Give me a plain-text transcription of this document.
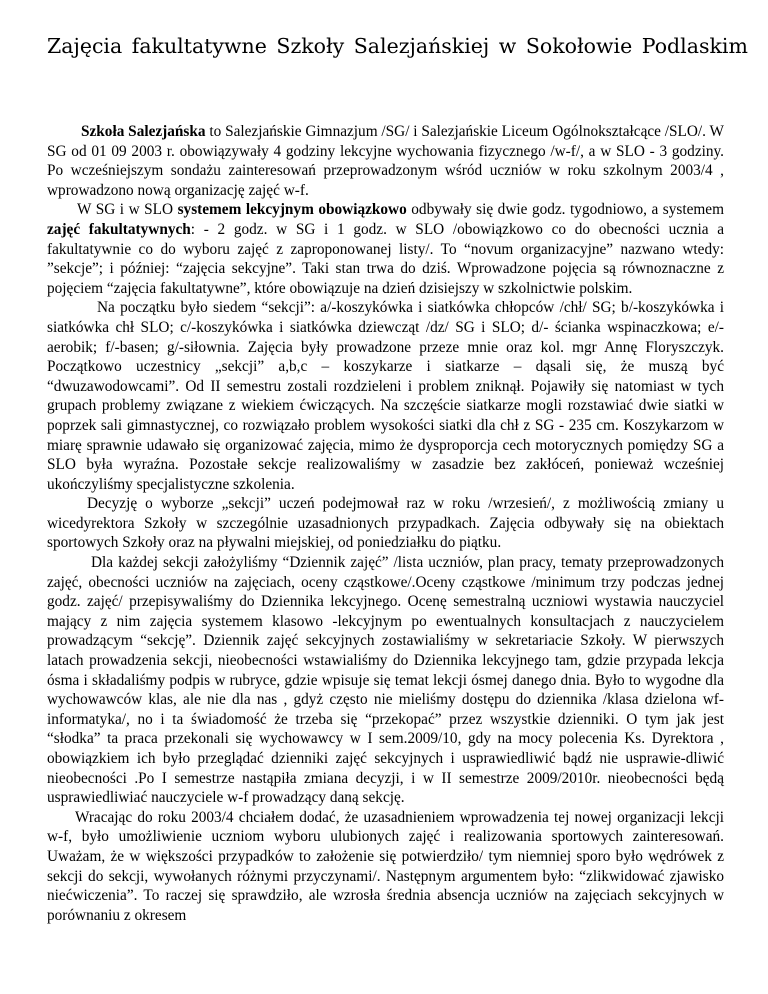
Zajęcia fakultatywne Szkoły Salezjańskiej w Sokołowie Podlaskim

Szkoła Salezjańska to Salezjańskie Gimnazjum /SG/ i Salezjańskie Liceum Ogólnokształcące /SLO/. W SG od 01 09 2003 r. obowiązywały 4 godziny lekcyjne wychowania fizycznego /w-f/, a w SLO - 3 godziny. Po wcześniejszym sondażu zainteresowań przeprowadzonym wśród uczniów w roku szkolnym 2003/4 , wprowadzono nową organizację zajęć w-f.

W SG i w SLO systemem lekcyjnym obowiązkowo odbywały się dwie godz. tygodniowo, a systemem zajęć fakultatywnych: - 2 godz. w SG i 1 godz. w SLO /obowiązkowo co do obecności ucznia a fakultatywnie co do wyboru zajęć z zaproponowanej listy/. To “novum organizacyjne” nazwano wtedy: ”sekcje”; i później: “zajęcia sekcyjne”. Taki stan trwa do dziś. Wprowadzone pojęcia są równoznaczne z pojęciem “zajęcia fakultatywne”, które obowiązuje na dzień dzisiejszy w szkolnictwie polskim.

Na początku było siedem “sekcji”: a/-koszykówka i siatkówka chłopców /chł/ SG; b/-koszykówka i siatkówka chł SLO; c/-koszykówka i siatkówka dziewcząt /dz/ SG i SLO; d/- ścianka wspinaczkowa; e/-aerobik; f/-basen; g/-siłownia. Zajęcia były prowadzone przeze mnie oraz kol. mgr Annę Floryszczyk. Początkowo uczestnicy „sekcji” a,b,c – koszykarze i siatkarze – dąsali się, że muszą być “dwuzawodowcami”. Od II semestru zostali rozdzieleni i problem zniknął. Pojawiły się natomiast w tych grupach problemy związane z wiekiem ćwiczących. Na szczęście siatkarze mogli rozstawiać dwie siatki w poprzek sali gimnastycznej, co rozwiązało problem wysokości siatki dla chł z SG - 235 cm. Koszykarzom w miarę sprawnie udawało się organizować zajęcia, mimo że dysproporcja cech motorycznych pomiędzy SG a SLO była wyraźna. Pozostałe sekcje realizowaliśmy w zasadzie bez zakłóceń, ponieważ wcześniej ukończyliśmy specjalistyczne szkolenia.

Decyzję o wyborze „sekcji” uczeń podejmował raz w roku /wrzesień/, z możliwością zmiany u wicedyrektora Szkoły w szczególnie uzasadnionych przypadkach. Zajęcia odbywały się na obiektach sportowych Szkoły oraz na pływalni miejskiej, od poniedziałku do piątku.

Dla każdej sekcji założyliśmy “Dziennik zajęć” /lista uczniów, plan pracy, tematy przeprowadzonych zajęć, obecności uczniów na zajęciach, oceny cząstkowe/.Oceny cząstkowe /minimum trzy podczas jednej godz. zajęć/ przepisywaliśmy do Dziennika lekcyjnego. Ocenę semestralną uczniowi wystawia nauczyciel mający z nim zajęcia systemem klasowo -lekcyjnym po ewentualnych konsultacjach z nauczycielem prowadzącym “sekcję”. Dziennik zajęć sekcyjnych zostawialiśmy w sekretariacie Szkoły. W pierwszych latach prowadzenia sekcji, nieobecności wstawialiśmy do Dziennika lekcyjnego tam, gdzie przypada lekcja ósma i składaliśmy podpis w rubryce, gdzie wpisuje się temat lekcji ósmej danego dnia. Było to wygodne dla wychowawców klas, ale nie dla nas , gdyż często nie mieliśmy dostępu do dziennika /klasa dzielona wf-informatyka/, no i ta świadomość że trzeba się “przekopać” przez wszystkie dzienniki. O tym jak jest “słodka” ta praca przekonali się wychowawcy w I sem.2009/10, gdy na mocy polecenia Ks. Dyrektora , obowiązkiem ich było przeglądać dzienniki zajęć sekcyjnych i usprawiedliwić bądź nie usprawie-dliwić nieobecności .Po I semestrze nastąpiła zmiana decyzji, i w II semestrze 2009/2010r. nieobecności będą usprawiedliwiać nauczyciele w-f prowadzący daną sekcję.

Wracając do roku 2003/4 chciałem dodać, że uzasadnieniem wprowadzenia tej nowej organizacji lekcji w-f, było umożliwienie uczniom wyboru ulubionych zajęć i realizowania sportowych zainteresowań. Uważam, że w większości przypadków to założenie się potwierdziło/ tym niemniej sporo było wędrówek z sekcji do sekcji, wywołanych różnymi przyczynami/. Następnym argumentem było: “zlikwidować zjawisko niećwiczenia”. To raczej się sprawdziło, ale wzrosła średnia absencja uczniów na zajęciach sekcyjnych w porównaniu z okresem
